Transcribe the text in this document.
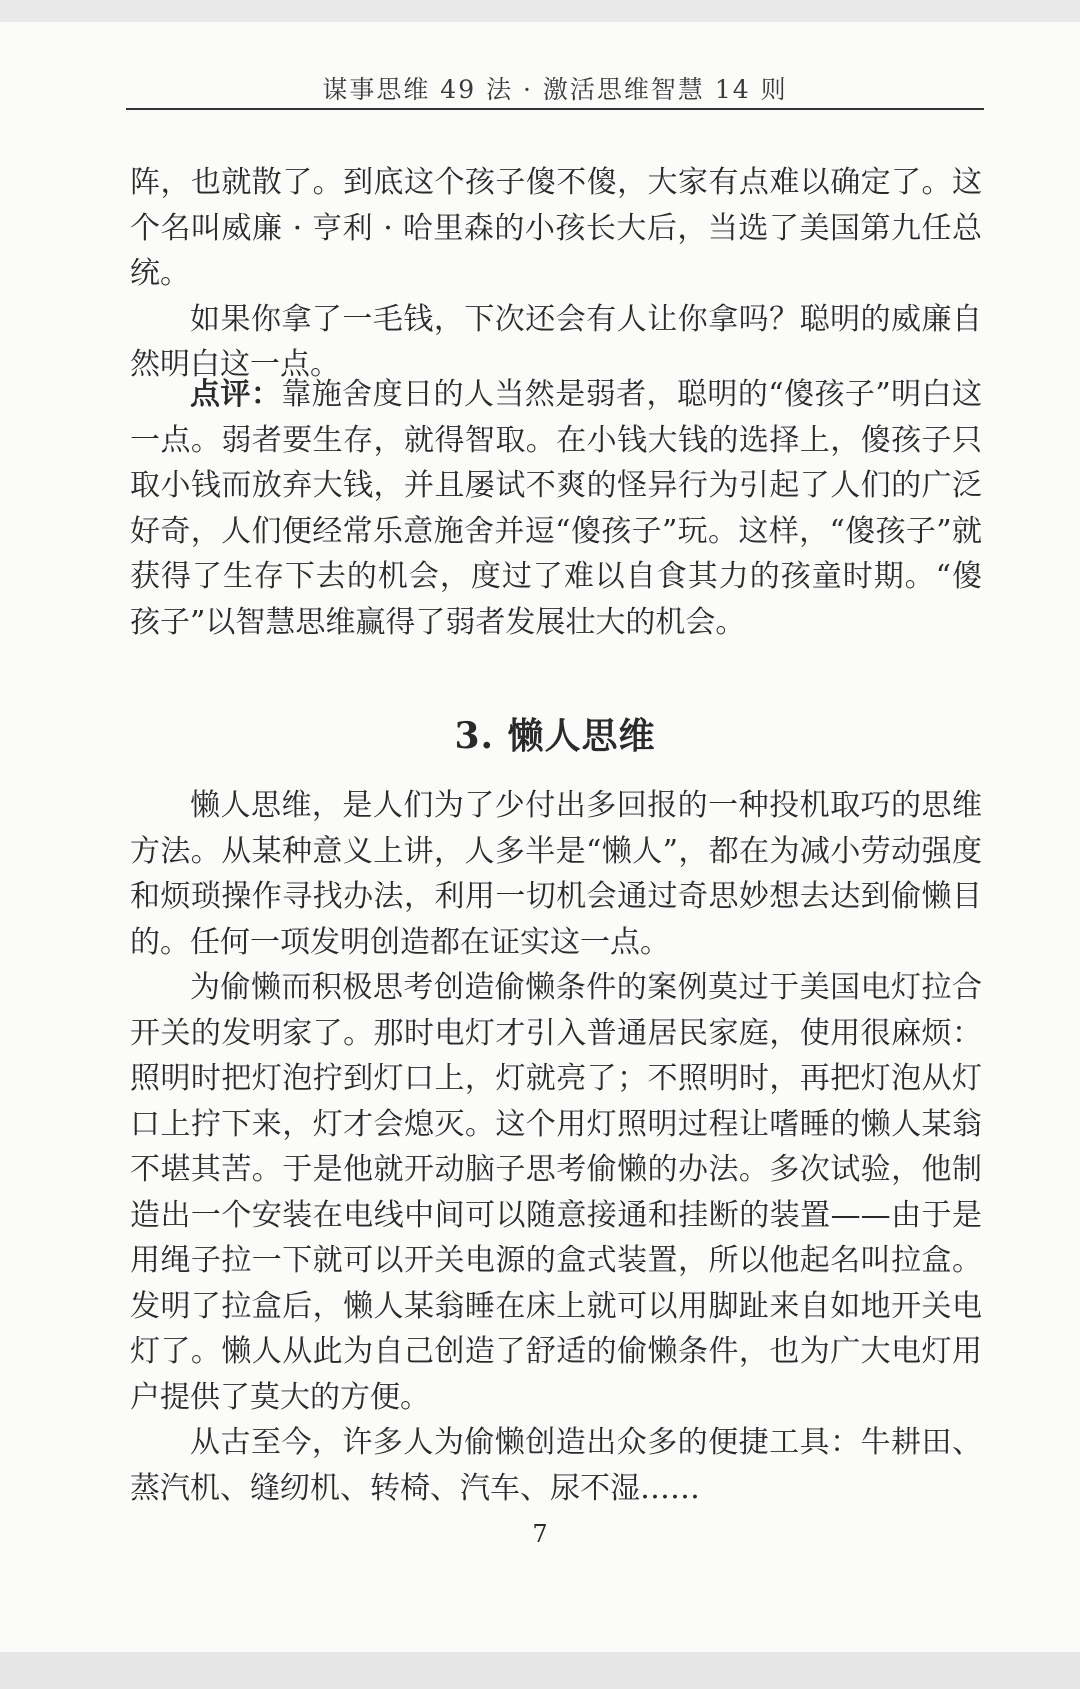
谋事思维 49 法 · 激活思维智慧 14 则

阵，也就散了。到底这个孩子傻不傻，大家有点难以确定了。这个名叫威廉 · 亨利 · 哈里森的小孩长大后，当选了美国第九任总统。

如果你拿了一毛钱，下次还会有人让你拿吗？聪明的威廉自然明白这一点。

点评：靠施舍度日的人当然是弱者，聪明的“傻孩子”明白这一点。弱者要生存，就得智取。在小钱大钱的选择上，傻孩子只取小钱而放弃大钱，并且屡试不爽的怪异行为引起了人们的广泛好奇，人们便经常乐意施舍并逗“傻孩子”玩。这样，“傻孩子”就获得了生存下去的机会，度过了难以自食其力的孩童时期。“傻孩子”以智慧思维赢得了弱者发展壮大的机会。

3. 懒人思维

懒人思维，是人们为了少付出多回报的一种投机取巧的思维方法。从某种意义上讲，人多半是“懒人”，都在为减小劳动强度和烦琐操作寻找办法，利用一切机会通过奇思妙想去达到偷懒目的。任何一项发明创造都在证实这一点。

为偷懒而积极思考创造偷懒条件的案例莫过于美国电灯拉合开关的发明家了。那时电灯才引入普通居民家庭，使用很麻烦：照明时把灯泡拧到灯口上，灯就亮了；不照明时，再把灯泡从灯口上拧下来，灯才会熄灭。这个用灯照明过程让嗜睡的懒人某翁不堪其苦。于是他就开动脑子思考偷懒的办法。多次试验，他制造出一个安装在电线中间可以随意接通和挂断的装置——由于是用绳子拉一下就可以开关电源的盒式装置，所以他起名叫拉盒。发明了拉盒后，懒人某翁睡在床上就可以用脚趾来自如地开关电灯了。懒人从此为自己创造了舒适的偷懒条件，也为广大电灯用户提供了莫大的方便。

从古至今，许多人为偷懒创造出众多的便捷工具：牛耕田、蒸汽机、缝纫机、转椅、汽车、尿不湿……

7
